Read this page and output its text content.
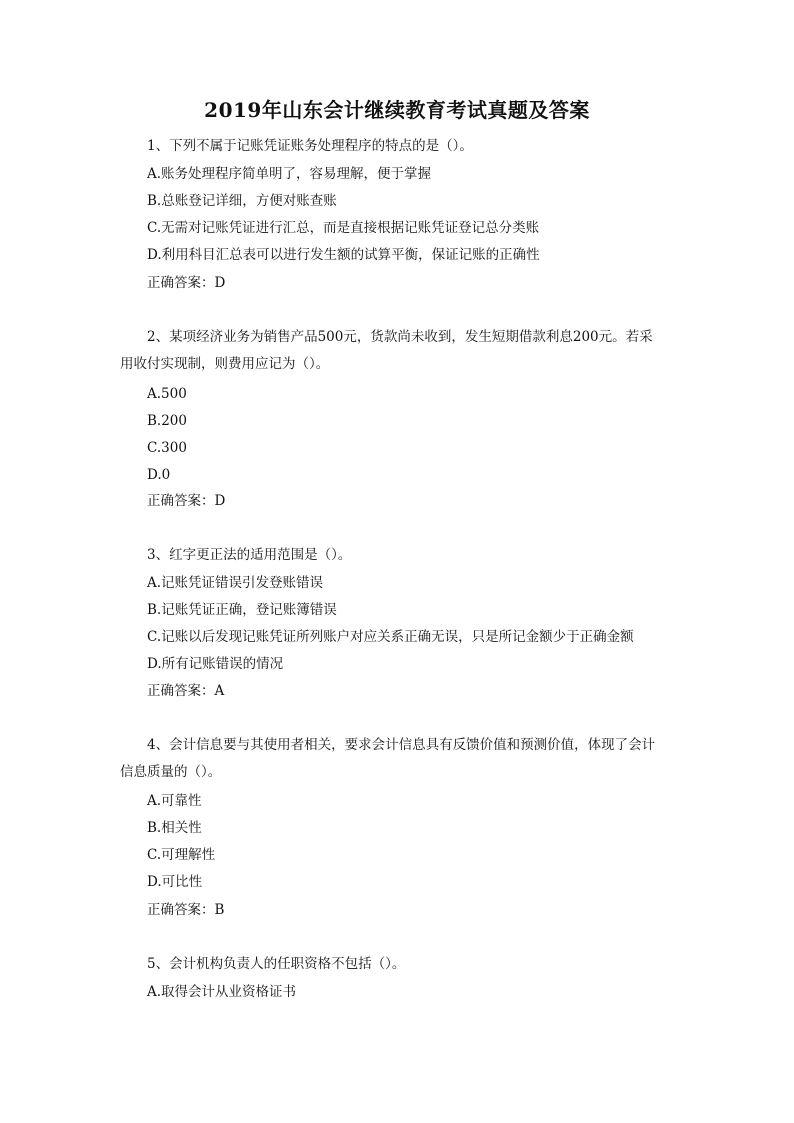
2019年山东会计继续教育考试真题及答案
1、下列不属于记账凭证账务处理程序的特点的是（）。
A.账务处理程序简单明了，容易理解，便于掌握
B.总账登记详细，方便对账查账
C.无需对记账凭证进行汇总，而是直接根据记账凭证登记总分类账
D.利用科目汇总表可以进行发生额的试算平衡，保证记账的正确性
正确答案：D
2、某项经济业务为销售产品500元，货款尚未收到，发生短期借款利息200元。若采
用收付实现制，则费用应记为（）。
A.500
B.200
C.300
D.0
正确答案：D
3、红字更正法的适用范围是（）。
A.记账凭证错误引发登账错误
B.记账凭证正确，登记账簿错误
C.记账以后发现记账凭证所列账户对应关系正确无误，只是所记金额少于正确金额
D.所有记账错误的情况
正确答案：A
4、会计信息要与其使用者相关，要求会计信息具有反馈价值和预测价值，体现了会计
信息质量的（）。
A.可靠性
B.相关性
C.可理解性
D.可比性
正确答案：B
5、会计机构负责人的任职资格不包括（）。
A.取得会计从业资格证书
